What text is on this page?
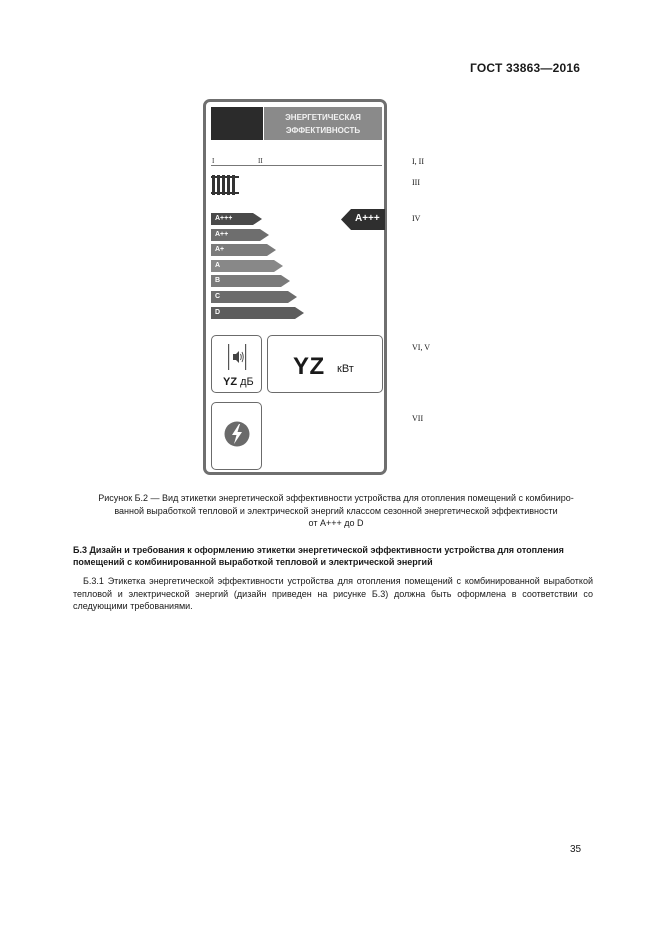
ГОСТ 33863—2016
ЭНЕРГЕТИЧЕСКАЯ
ЭФФЕКТИВНОСТЬ
I	II
A+++
A++
A+
A
B
C
D
A+++
YZ дБ
YZ кВт
I, II
III
IV
VI, V
VII
Рисунок Б.2 — Вид этикетки энергетической эффективности устройства для отопления помещений с комбиниро-
ванной выработкой тепловой и электрической энергий классом сезонной энергетической эффективности
от A+++ до D
Б.3 Дизайн и требования к оформлению этикетки энергетической эффективности устройства для отопления помещений с комбинированной выработкой тепловой и электрической энергий
Б.3.1 Этикетка энергетической эффективности устройства для отопления помещений с комбинированной выработкой тепловой и электрической энергий (дизайн приведен на рисунке Б.3) должна быть оформлена в соответствии со следующими требованиями.
35
